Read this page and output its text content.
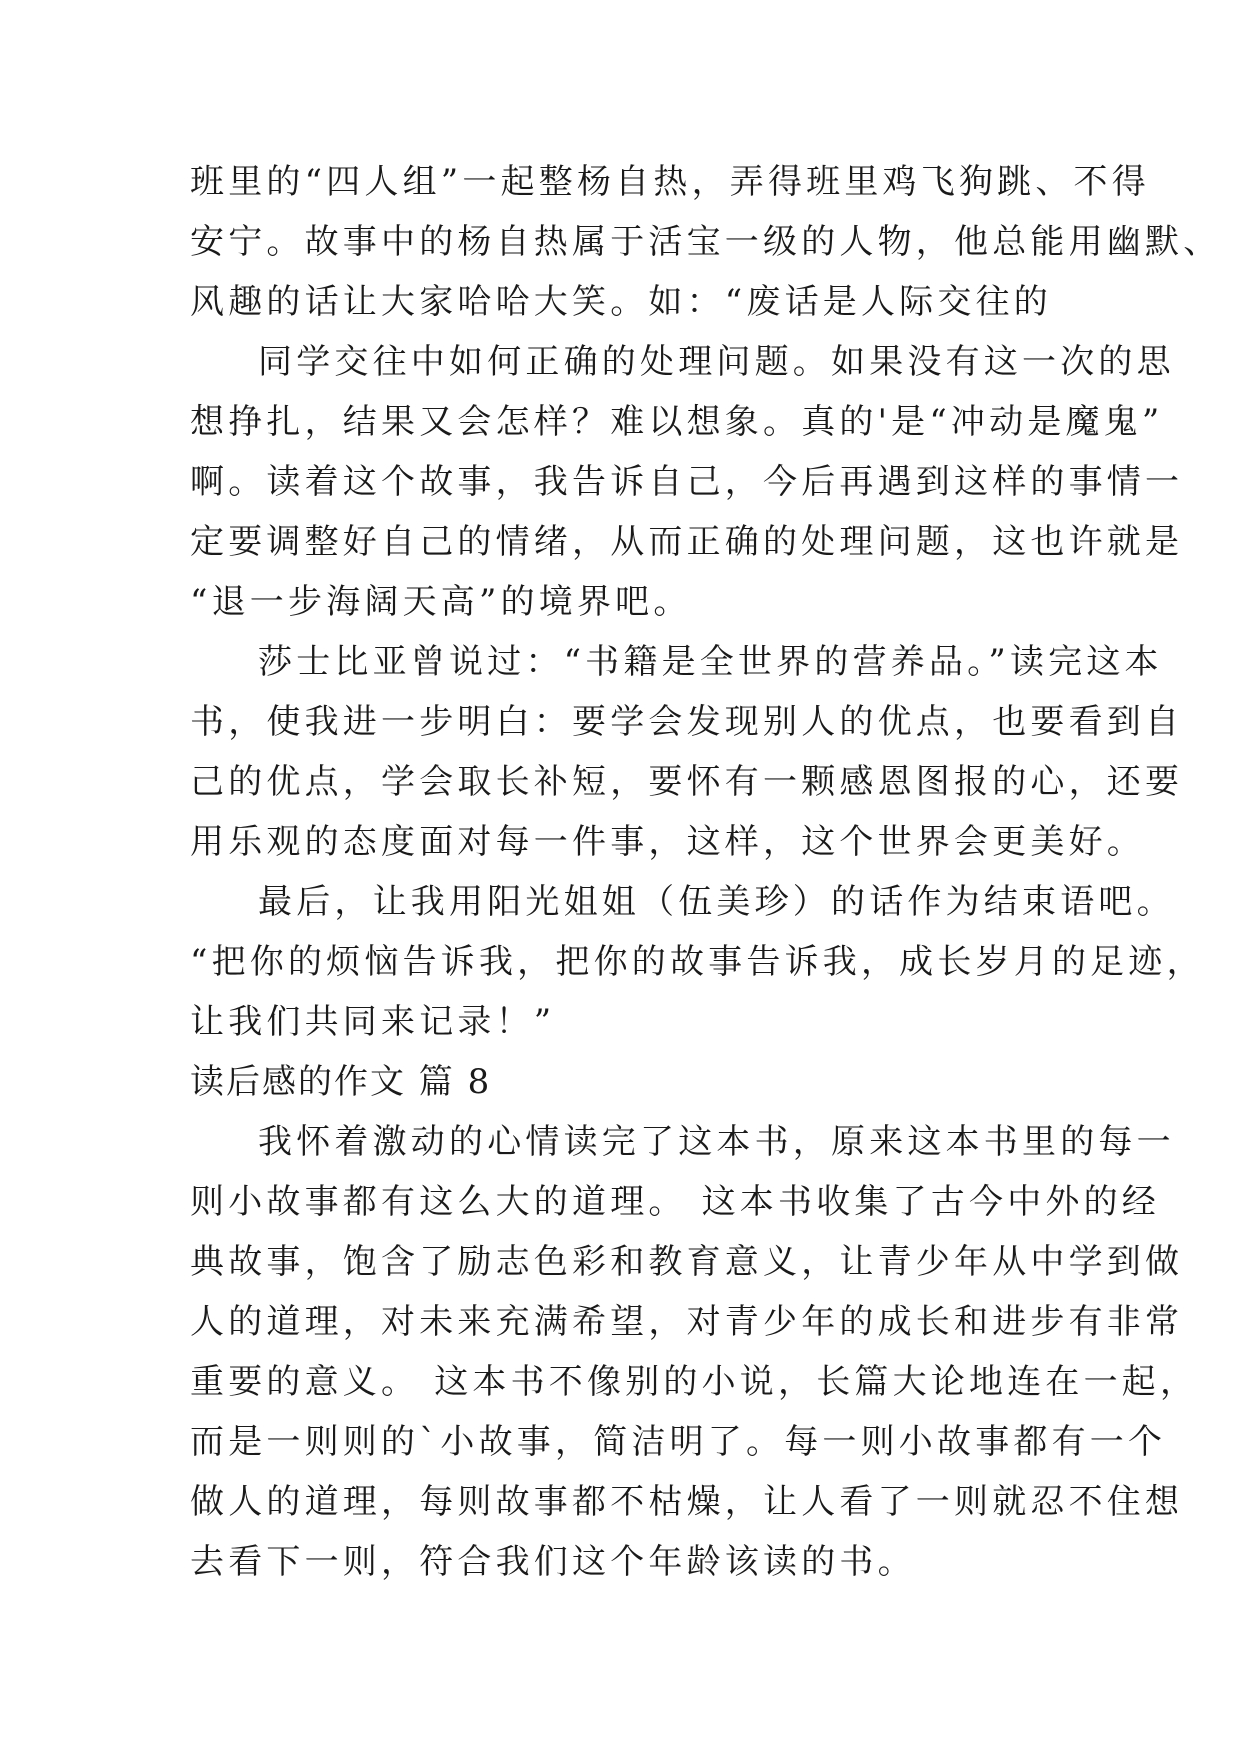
班里的“四人组”一起整杨自热，弄得班里鸡飞狗跳、不得
安宁。故事中的杨自热属于活宝一级的人物，他总能用幽默、
风趣的话让大家哈哈大笑。如：“废话是人际交往的
同学交往中如何正确的处理问题。如果没有这一次的思
想挣扎，结果又会怎样？难以想象。真的'是“冲动是魔鬼”
啊。读着这个故事，我告诉自己，今后再遇到这样的事情一
定要调整好自己的情绪，从而正确的处理问题，这也许就是
“退一步海阔天高”的境界吧。
莎士比亚曾说过：“书籍是全世界的营养品。”读完这本
书，使我进一步明白：要学会发现别人的优点，也要看到自
己的优点，学会取长补短，要怀有一颗感恩图报的心，还要
用乐观的态度面对每一件事，这样，这个世界会更美好。
最后，让我用阳光姐姐（伍美珍）的话作为结束语吧。
“把你的烦恼告诉我，把你的故事告诉我，成长岁月的足迹，
让我们共同来记录！”
读后感的作文 篇 8
我怀着激动的心情读完了这本书，原来这本书里的每一
则小故事都有这么大的道理。 这本书收集了古今中外的经
典故事，饱含了励志色彩和教育意义，让青少年从中学到做
人的道理，对未来充满希望，对青少年的成长和进步有非常
重要的意义。 这本书不像别的小说，长篇大论地连在一起，
而是一则则的`小故事，简洁明了。每一则小故事都有一个
做人的道理，每则故事都不枯燥，让人看了一则就忍不住想
去看下一则，符合我们这个年龄该读的书。
